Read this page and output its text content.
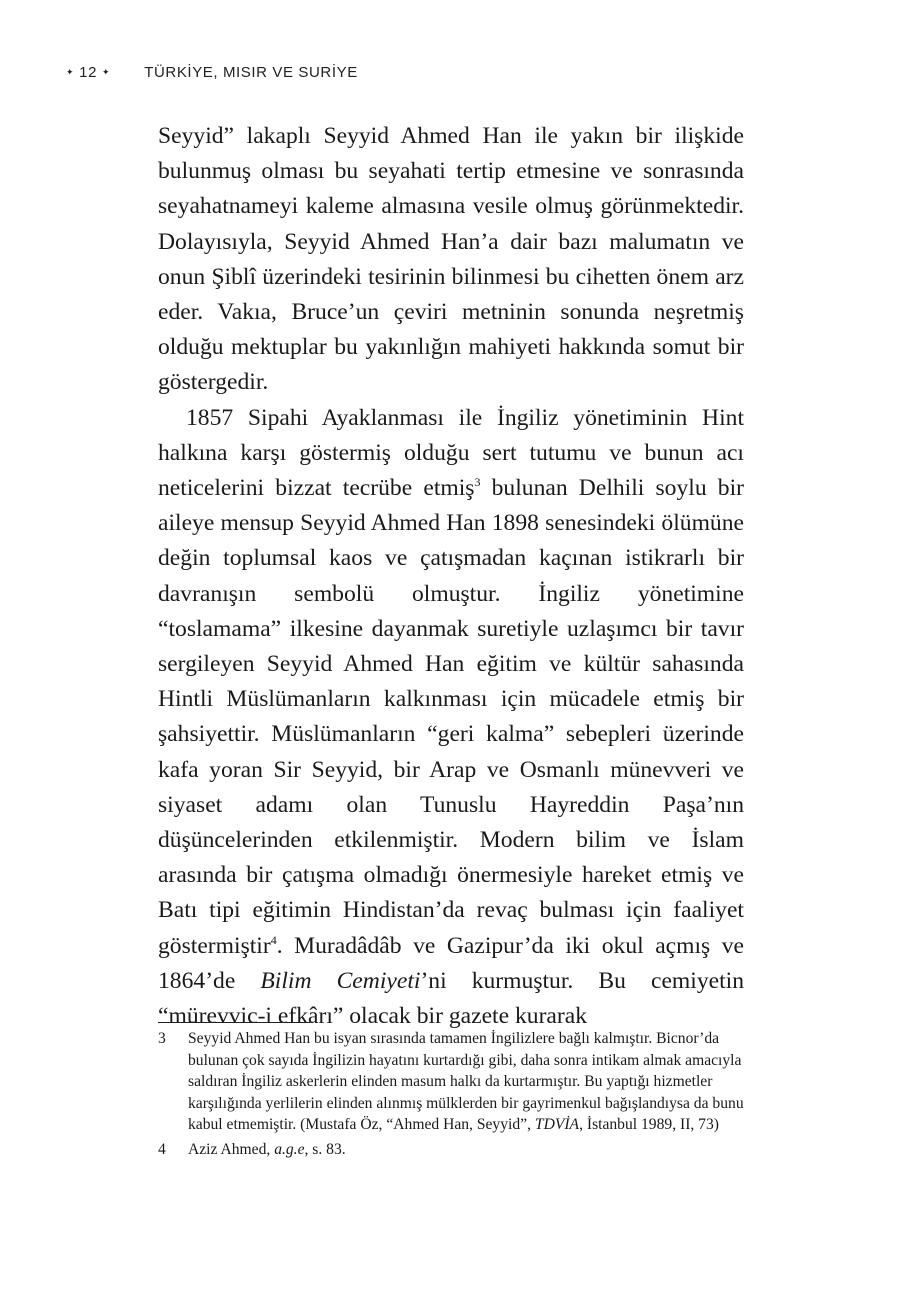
✦ 12 ✦ TÜRKİYE, MISIR VE SURİYE

Seyyid” lakaplı Seyyid Ahmed Han ile yakın bir ilişkide bulunmuş olması bu seyahati tertip etmesine ve sonrasında seyahatnameyi kaleme almasına vesile olmuş görünmektedir. Dolayısıyla, Seyyid Ahmed Han’a dair bazı malumatın ve onun Şiblî üzerindeki tesirinin bilinmesi bu cihetten önem arz eder. Vakıa, Bruce’un çeviri metninin sonunda neşretmiş olduğu mektuplar bu yakınlığın mahiyeti hakkında somut bir göstergedir.

1857 Sipahi Ayaklanması ile İngiliz yönetiminin Hint halkına karşı göstermiş olduğu sert tutumu ve bunun acı neticelerini bizzat tecrübe etmiş$^3$ bulunan Delhili soylu bir aileye mensup Seyyid Ahmed Han 1898 senesindeki ölümüne değin toplumsal kaos ve çatışmadan kaçınan istikrarlı bir davranışın sembolü olmuştur. İngiliz yönetimine “toslamama” ilkesine dayanmak suretiyle uzlaşımcı bir tavır sergileyen Seyyid Ahmed Han eğitim ve kültür sahasında Hintli Müslümanların kalkınması için mücadele etmiş bir şahsiyettir. Müslümanların “geri kalma” sebepleri üzerinde kafa yoran Sir Seyyid, bir Arap ve Osmanlı münevveri ve siyaset adamı olan Tunuslu Hayreddin Paşa’nın düşüncelerinden etkilenmiştir. Modern bilim ve İslam arasında bir çatışma olmadığı önermesiyle hareket etmiş ve Batı tipi eğitimin Hindistan’da revaç bulması için faaliyet göstermiştir$^4$. Muradâdâb ve Gazipur’da iki okul açmış ve 1864’de Bilim Cemiyeti’ni kurmuştur. Bu cemiyetin “mürevvic-i efkârı” olacak bir gazete kurarak

3	Seyyid Ahmed Han bu isyan sırasında tamamen İngilizlere bağlı kalmıştır. Bicnor’da bulunan çok sayıda İngilizin hayatını kurtardığı gibi, daha sonra intikam almak amacıyla saldıran İngiliz askerlerin elinden masum halkı da kurtarmıştır. Bu yaptığı hizmetler karşılığında yerlilerin elinden alınmış mülklerden bir gayrimenkul bağışlandıysa da bunu kabul etmemiştir. (Mustafa Öz, “Ahmed Han, Seyyid”, TDVİA, İstanbul 1989, II, 73)
4	Aziz Ahmed, a.g.e, s. 83.
